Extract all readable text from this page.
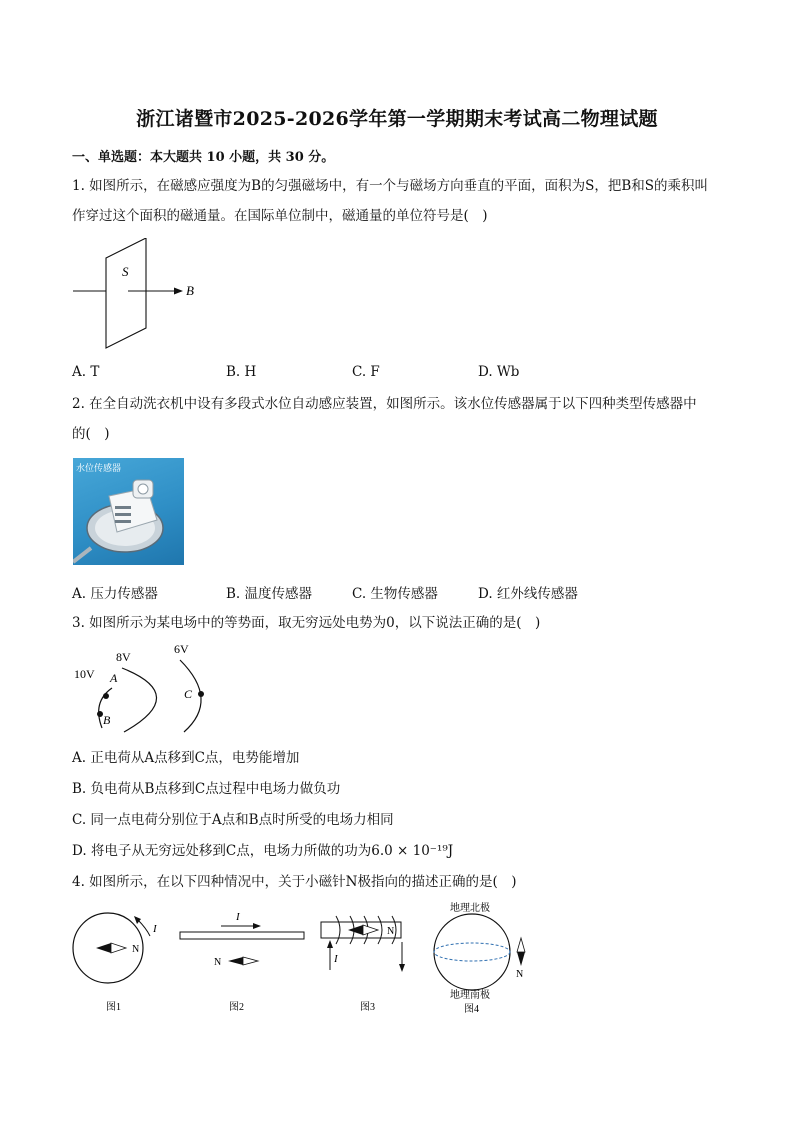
浙江诸暨市2025-2026学年第一学期期末考试高二物理试题
一、单选题：本大题共 10 小题，共 30 分。
1. 如图所示，在磁感应强度为B的匀强磁场中，有一个与磁场方向垂直的平面，面积为S，把B和S的乘积叫
作穿过这个面积的磁通量。在国际单位制中，磁通量的单位符号是(　)
S
B
A. T	B. H	C. F	D. Wb
2. 在全自动洗衣机中设有多段式水位自动感应装置，如图所示。该水位传感器属于以下四种类型传感器中
的(　)
水位传感器
A. 压力传感器	B. 温度传感器	C. 生物传感器	D. 红外线传感器
3. 如图所示为某电场中的等势面，取无穷远处电势为0，以下说法正确的是(　)
10V
8V
6V
A
B
C
A. 正电荷从A点移到C点，电势能增加
B. 负电荷从B点移到C点过程中电场力做负功
C. 同一点电荷分别位于A点和B点时所受的电场力相同
D. 将电子从无穷远处移到C点，电场力所做的功为6.0 × 10⁻¹⁹J
4. 如图所示，在以下四种情况中，关于小磁针N极指向的描述正确的是(　)
I
N
图1
I
N
图2
I
N
图3
地理北极
地理南极
N
图4
